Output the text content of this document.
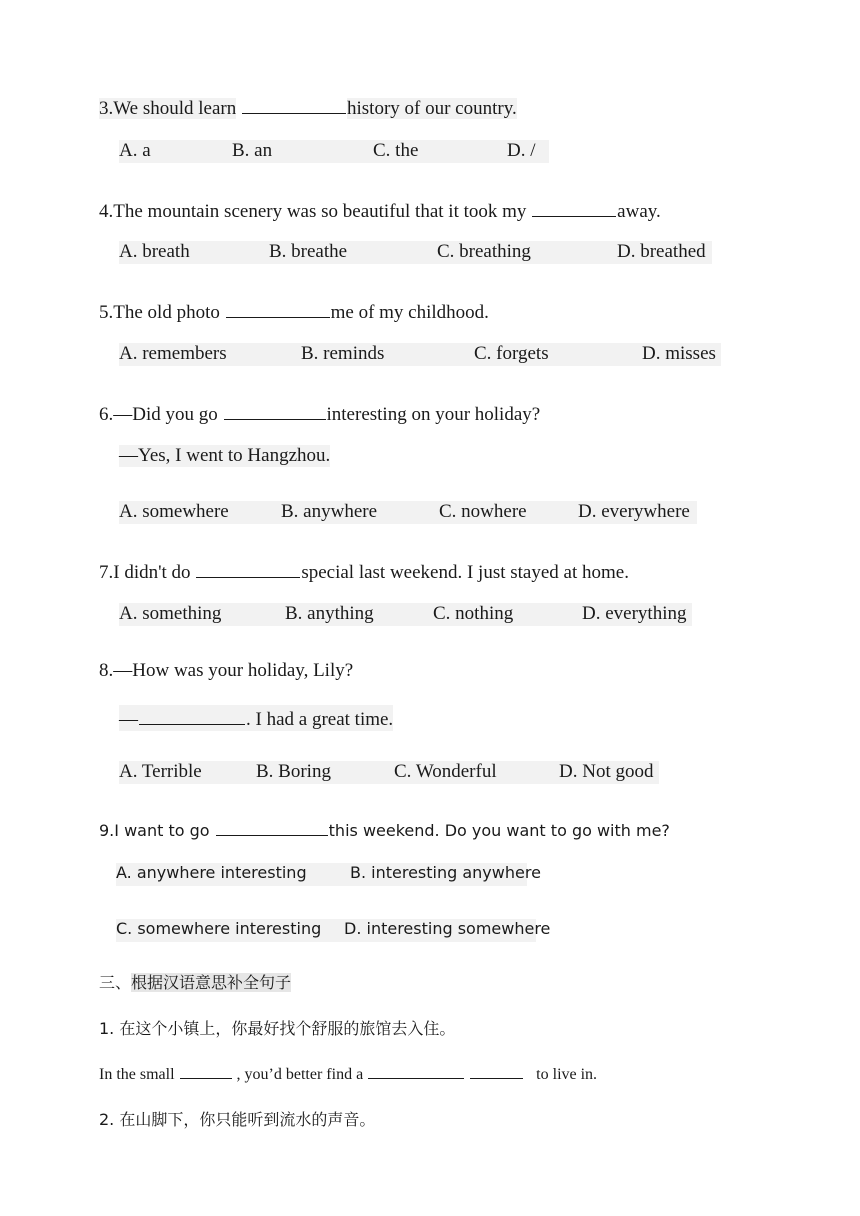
3.We should learn	history of our country.
A. a	B. an	C. the	D. /
4.The mountain scenery was so beautiful that it took my	away.
A. breath	B. breathe	C. breathing	D. breathed
5.The old photo	me of my childhood.
A. remembers	B. reminds	C. forgets	D. misses
6.—Did you go	interesting on your holiday?
—Yes, I went to Hangzhou.
A. somewhere	B. anywhere	C. nowhere	D. everywhere
7.I didn't do	special last weekend. I just stayed at home.
A. something	B. anything	C. nothing	D. everything
8.—How was your holiday, Lily?
—	. I had a great time.
A. Terrible	B. Boring	C. Wonderful	D. Not good
9.I want to go	this weekend. Do you want to go with me?
A. anywhere interesting	B. interesting anywhere
C. somewhere interesting D. interesting somewhere
三、根据汉语意思补全句子
1. 在这个小镇上，你最好找个舒服的旅馆去入住。
In the small	, you’d better find a	to live in.
2. 在山脚下，你只能听到流水的声音。
